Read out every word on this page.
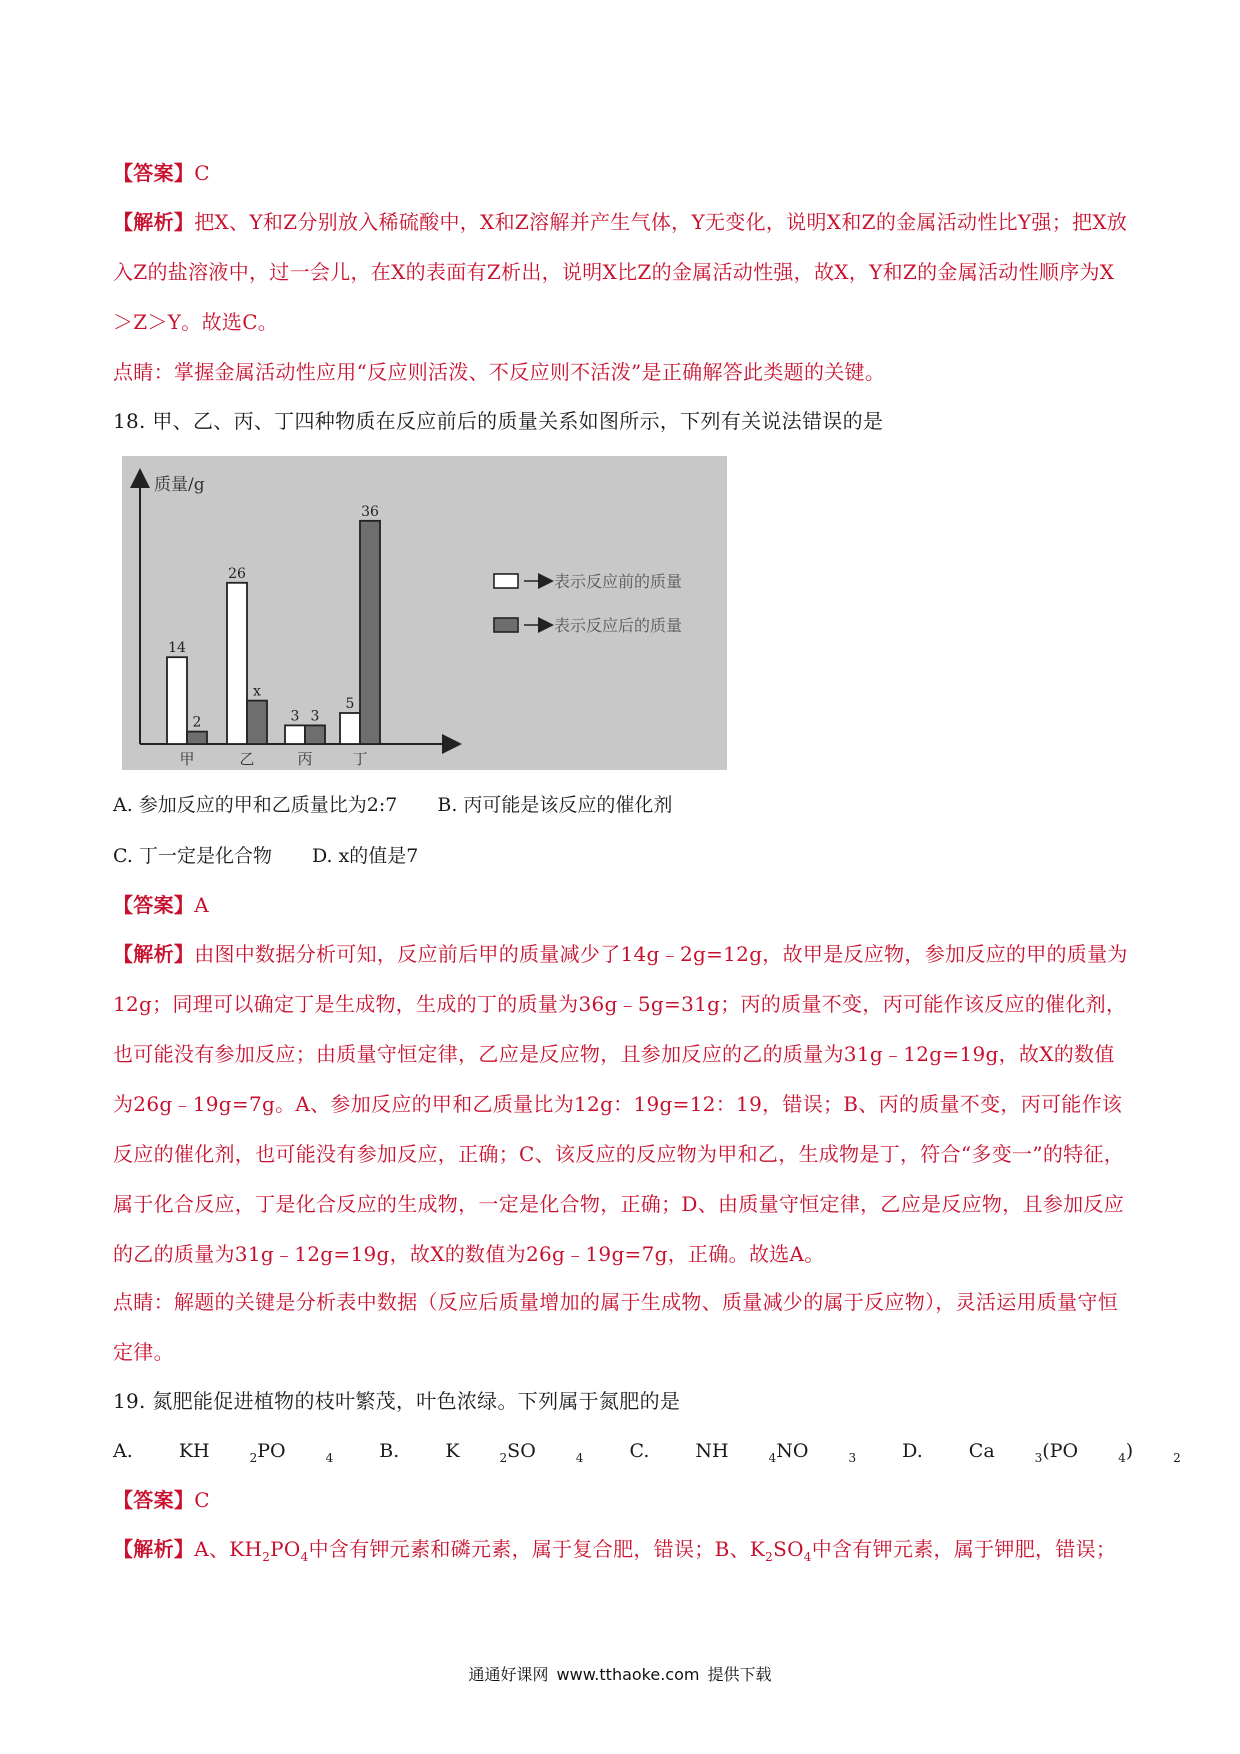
【答案】C
【解析】把X、Y和Z分别放入稀硫酸中，X和Z溶解并产生气体，Y无变化，说明X和Z的金属活动性比Y强；把X放入Z的盐溶液中，过一会儿，在X的表面有Z析出，说明X比Z的金属活动性强，故X，Y和Z的金属活动性顺序为X＞Z＞Y。故选C。
点睛：掌握金属活动性应用“反应则活泼、不反应则不活泼”是正确解答此类题的关键。
18. 甲、乙、丙、丁四种物质在反应前后的质量关系如图所示，下列有关说法错误的是
质量/g
14
2
甲
26
x
乙
3 3
丙
5
36
丁
表示反应前的质量
表示反应后的质量
A. 参加反应的甲和乙质量比为2:7 B. 丙可能是该反应的催化剂
C. 丁一定是化合物 D. x的值是7
【答案】A
【解析】由图中数据分析可知，反应前后甲的质量减少了14g﹣2g=12g，故甲是反应物，参加反应的甲的质量为12g；同理可以确定丁是生成物，生成的丁的质量为36g﹣5g=31g；丙的质量不变，丙可能作该反应的催化剂，也可能没有参加反应；由质量守恒定律，乙应是反应物，且参加反应的乙的质量为31g﹣12g=19g，故X的数值为26g﹣19g=7g。A、参加反应的甲和乙质量比为12g：19g=12：19，错误；B、丙的质量不变，丙可能作该反应的催化剂，也可能没有参加反应，正确；C、该反应的反应物为甲和乙，生成物是丁，符合“多变一”的特征，属于化合反应，丁是化合反应的生成物，一定是化合物，正确；D、由质量守恒定律，乙应是反应物，且参加反应的乙的质量为31g﹣12g=19g，故X的数值为26g﹣19g=7g，正确。故选A。
点睛：解题的关键是分析表中数据（反应后质量增加的属于生成物、质量减少的属于反应物），灵活运用质量守恒定律。
19. 氮肥能促进植物的枝叶繁茂，叶色浓绿。下列属于氮肥的是
A. KH	$_2$PO	$_4$ B. K	$_2$SO	$_4$ C. NH	$_4$NO	$_3$ D. Ca	$_3$(PO	$_4$)	$_2$
【答案】C
【解析】A、$KH_2PO_4$中含有钾元素和磷元素，属于复合肥，错误；B、$K_2SO_4$中含有钾元素，属于钾肥，错误；
通通好课网 www.tthaoke.com 提供下载
